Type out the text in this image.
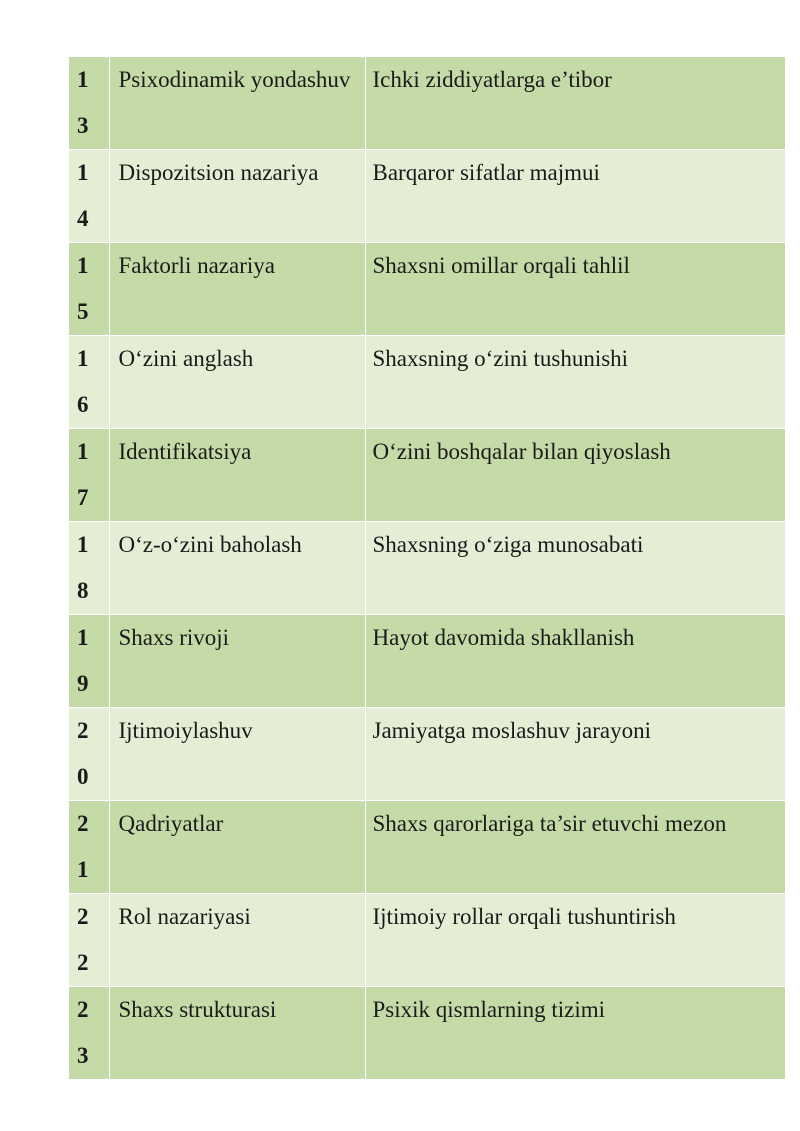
1
3	Psixodinamik yondashuv	Ichki ziddiyatlarga e’tibor

1
4	Dispozitsion nazariya	Barqaror sifatlar majmui

1
5	Faktorli nazariya	Shaxsni omillar orqali tahlil

1
6	O‘zini anglash	Shaxsning o‘zini tushunishi

1
7	Identifikatsiya	O‘zini boshqalar bilan qiyoslash

1
8	O‘z-o‘zini baholash	Shaxsning o‘ziga munosabati

1
9	Shaxs rivoji	Hayot davomida shakllanish

2
0	Ijtimoiylashuv	Jamiyatga moslashuv jarayoni

2
1	Qadriyatlar	Shaxs qarorlariga ta’sir etuvchi mezon

2
2	Rol nazariyasi	Ijtimoiy rollar orqali tushuntirish

2
3	Shaxs strukturasi	Psixik qismlarning tizimi
